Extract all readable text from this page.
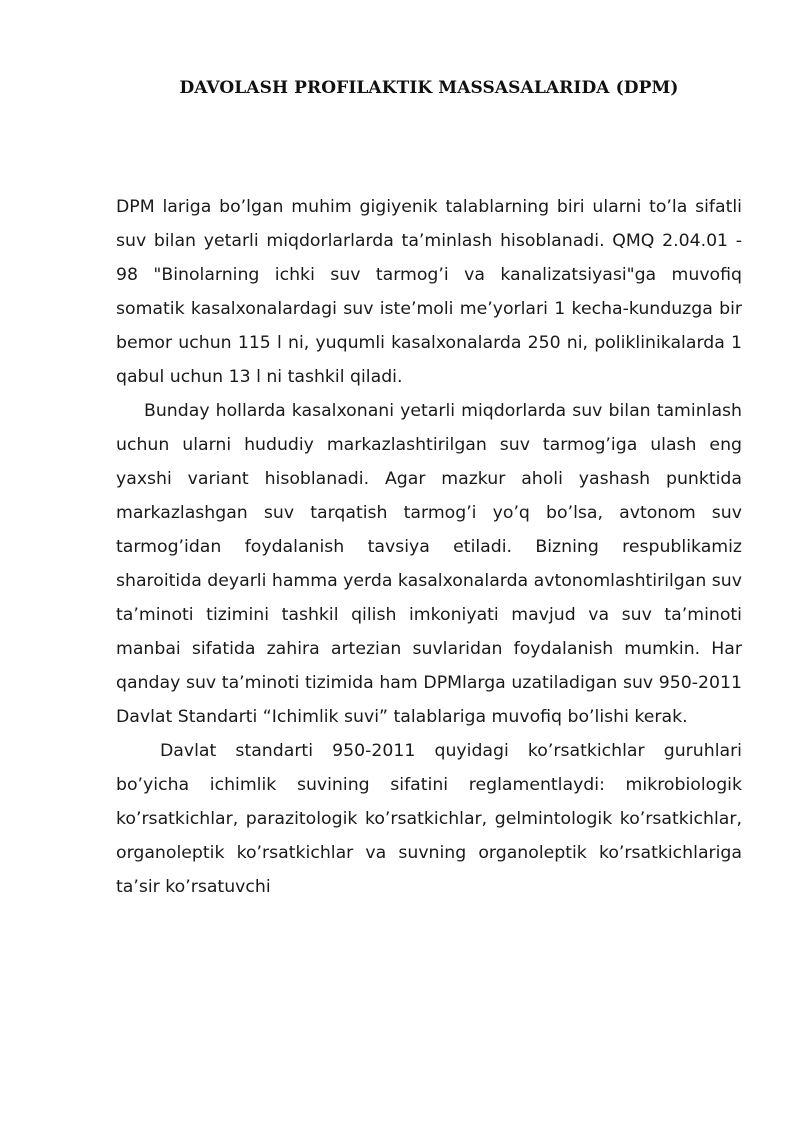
DAVOLASH PROFILAKTIK MASSASALARIDA (DPM)

DPM lariga bo’lgan muhim gigiyenik talablarning biri ularni to’la sifatli suv bilan yetarli miqdorlarlarda ta’minlash hisoblanadi. QMQ 2.04.01 - 98 "Binolarning ichki suv tarmog’i va kanalizatsiyasi"ga muvofiq somatik kasalxonalardagi suv iste’moli me’yorlari 1 kecha-kunduzga bir bemor uchun 115 l ni, yuqumli kasalxonalarda 250 ni, poliklinikalarda 1 qabul uchun 13 l ni tashkil qiladi.

Bunday hollarda kasalxonani yetarli miqdorlarda suv bilan taminlash uchun ularni hududiy markazlashtirilgan suv tarmog’iga ulash eng yaxshi variant hisoblanadi. Agar mazkur aholi yashash punktida markazlashgan suv tarqatish tarmog’i yo’q bo’lsa, avtonom suv tarmog’idan foydalanish tavsiya etiladi. Bizning respublikamiz sharoitida deyarli hamma yerda kasalxonalarda avtonomlashtirilgan suv ta’minoti tizimini tashkil qilish imkoniyati mavjud va suv ta’minoti manbai sifatida zahira artezian suvlaridan foydalanish mumkin. Har qanday suv ta’minoti tizimida ham DPMlarga uzatiladigan suv 950-2011 Davlat Standarti “Ichimlik suvi” talablariga muvofiq bo’lishi kerak.

Davlat standarti 950-2011 quyidagi ko’rsatkichlar guruhlari bo’yicha ichimlik suvining sifatini reglamentlaydi: mikrobiologik ko’rsatkichlar, parazitologik ko’rsatkichlar, gelmintologik ko’rsatkichlar, organoleptik ko’rsatkichlar va suvning organoleptik ko’rsatkichlariga ta’sir ko’rsatuvchi
